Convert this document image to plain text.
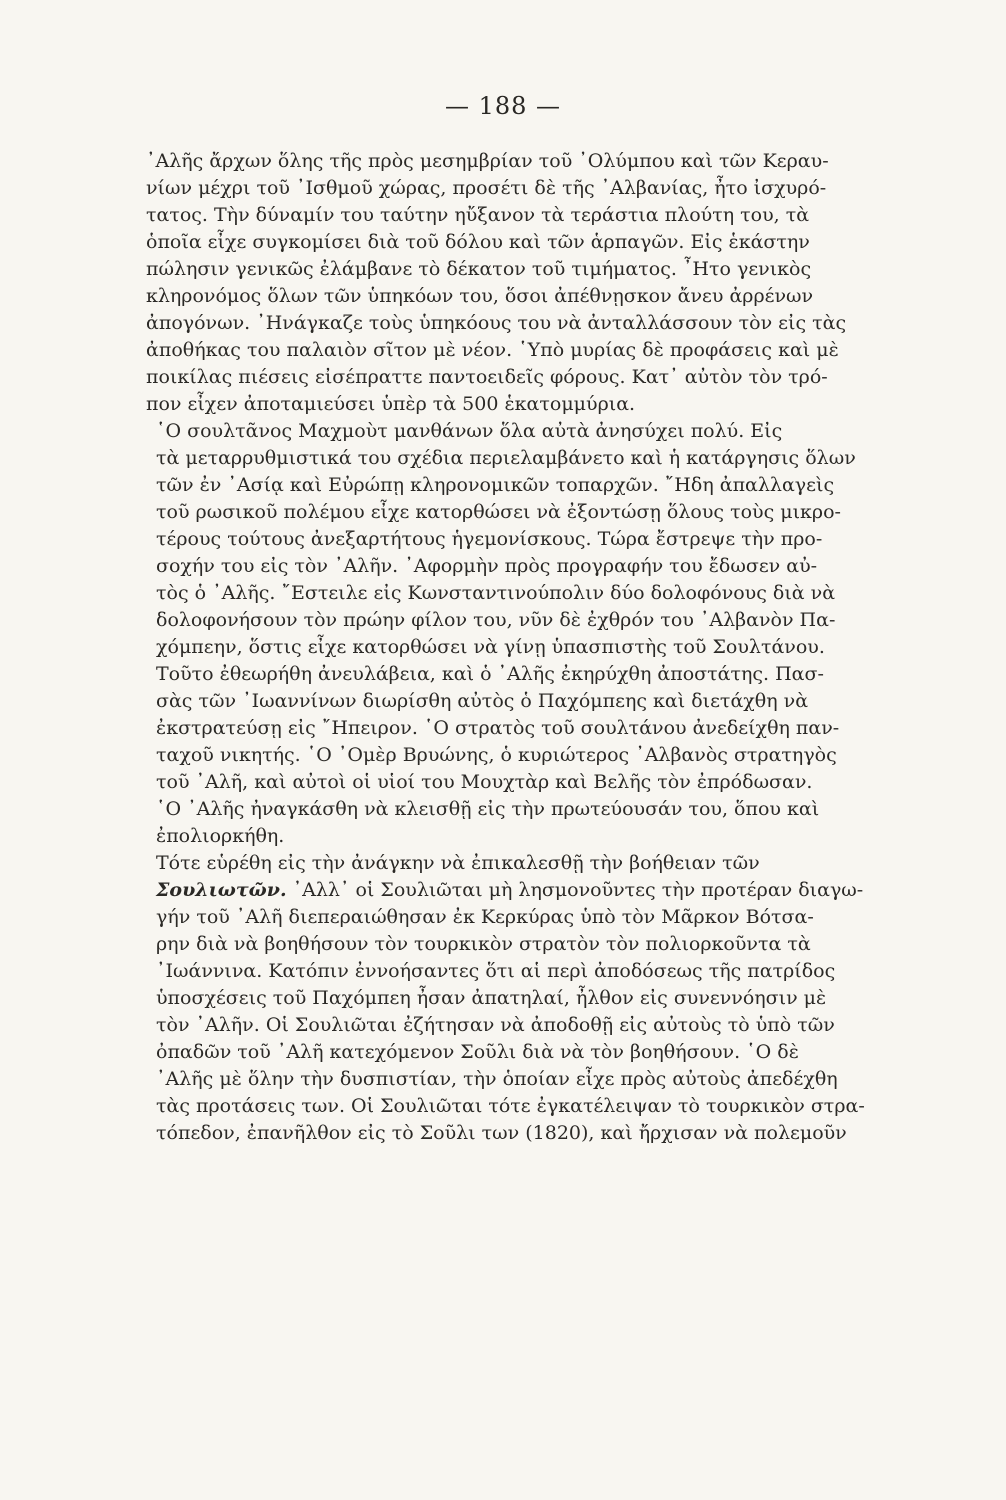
— 188 —

᾿Αλῆς ἄρχων ὅλης τῆς πρὸς μεσημβρίαν τοῦ ᾿Ολύμπου καὶ τῶν Κεραυ-
νίων μέχρι τοῦ ᾿Ισθμοῦ χώρας, προσέτι δὲ τῆς ᾿Αλβανίας, ἦτο ἰσχυρό-
τατος. Τὴν δύναμίν του ταύτην ηὔξανον τὰ τεράστια πλούτη του, τὰ
ὁποῖα εἶχε συγκομίσει διὰ τοῦ δόλου καὶ τῶν ἁρπαγῶν. Εἰς ἑκάστην
πώλησιν γενικῶς ἐλάμβανε τὸ δέκατον τοῦ τιμήματος. ῏Ητο γενικὸς
κληρονόμος ὅλων τῶν ὑπηκόων του, ὅσοι ἀπέθνῃσκον ἄνευ ἀρρένων
ἀπογόνων. ᾿Ηνάγκαζε τοὺς ὑπηκόους του νὰ ἀνταλλάσσουν τὸν εἰς τὰς
ἀποθήκας του παλαιὸν σῖτον μὲ νέον. ῾Υπὸ μυρίας δὲ προφάσεις καὶ μὲ
ποικίλας πιέσεις εἰσέπραττε παντοειδεῖς φόρους. Κατ᾿ αὐτὸν τὸν τρό-
πον εἶχεν ἀποταμιεύσει ὑπὲρ τὰ 500 ἑκατομμύρια.

῾Ο σουλτᾶνος Μαχμοὺτ μανθάνων ὅλα αὐτὰ ἀνησύχει πολύ. Εἰς
τὰ μεταρρυθμιστικά του σχέδια περιελαμβάνετο καὶ ἡ κατάργησις ὅλων
τῶν ἐν ᾿Ασίᾳ καὶ Εὐρώπῃ κληρονομικῶν τοπαρχῶν. ῎Ηδη ἀπαλλαγεὶς
τοῦ ρωσικοῦ πολέμου εἶχε κατορθώσει νὰ ἐξοντώσῃ ὅλους τοὺς μικρο-
τέρους τούτους ἀνεξαρτήτους ἡγεμονίσκους. Τώρα ἔστρεψε τὴν προ-
σοχήν του εἰς τὸν ᾿Αλῆν. ᾿Αφορμὴν πρὸς προγραφήν του ἔδωσεν αὐ-
τὸς ὁ ᾿Αλῆς. ῎Εστειλε εἰς Κωνσταντινούπολιν δύο δολοφόνους διὰ νὰ
δολοφονήσουν τὸν πρώην φίλον του, νῦν δὲ ἐχθρόν του ᾿Αλβανὸν Πα-
χόμπεην, ὅστις εἶχε κατορθώσει νὰ γίνῃ ὑπασπιστὴς τοῦ Σουλτάνου.
Τοῦτο ἐθεωρήθη ἀνευλάβεια, καὶ ὁ ᾿Αλῆς ἐκηρύχθη ἀποστάτης. Πασ-
σὰς τῶν ᾿Ιωαννίνων διωρίσθη αὐτὸς ὁ Παχόμπεης καὶ διετάχθη νὰ
ἐκστρατεύσῃ εἰς ῎Ηπειρον. ῾Ο στρατὸς τοῦ σουλτάνου ἀνεδείχθη παν-
ταχοῦ νικητής. ῾Ο ᾿Ομὲρ Βρυώνης, ὁ κυριώτερος ᾿Αλβανὸς στρατηγὸς
τοῦ ᾿Αλῆ, καὶ αὐτοὶ οἱ υἱοί του Μουχτὰρ καὶ Βελῆς τὸν ἐπρόδωσαν.
῾Ο ᾿Αλῆς ἠναγκάσθη νὰ κλεισθῇ εἰς τὴν πρωτεύουσάν του, ὅπου καὶ
ἐπολιορκήθη.

Τότε εὑρέθη εἰς τὴν ἀνάγκην νὰ ἐπικαλεσθῇ τὴν βοήθειαν τῶν
Σουλιωτῶν. ᾿Αλλ᾿ οἱ Σουλιῶται μὴ λησμονοῦντες τὴν προτέραν διαγω-
γήν τοῦ ᾿Αλῆ διεπεραιώθησαν ἐκ Κερκύρας ὑπὸ τὸν Μᾶρκον Βότσα-
ρην διὰ νὰ βοηθήσουν τὸν τουρκικὸν στρατὸν τὸν πολιορκοῦντα τὰ
᾿Ιωάννινα. Κατόπιν ἐννοήσαντες ὅτι αἱ περὶ ἀποδόσεως τῆς πατρίδος
ὑποσχέσεις τοῦ Παχόμπεη ἦσαν ἀπατηλαί, ἦλθον εἰς συνεννόησιν μὲ
τὸν ᾿Αλῆν. Οἱ Σουλιῶται ἐζήτησαν νὰ ἀποδοθῇ εἰς αὐτοὺς τὸ ὑπὸ τῶν
ὀπαδῶν τοῦ ᾿Αλῆ κατεχόμενον Σοῦλι διὰ νὰ τὸν βοηθήσουν. ῾Ο δὲ
᾿Αλῆς μὲ ὅλην τὴν δυσπιστίαν, τὴν ὁποίαν εἶχε πρὸς αὐτοὺς ἀπεδέχθη
τὰς προτάσεις των. Οἱ Σουλιῶται τότε ἐγκατέλειψαν τὸ τουρκικὸν στρα-
τόπεδον, ἐπανῆλθον εἰς τὸ Σοῦλι των (1820), καὶ ἤρχισαν νὰ πολεμοῦν
